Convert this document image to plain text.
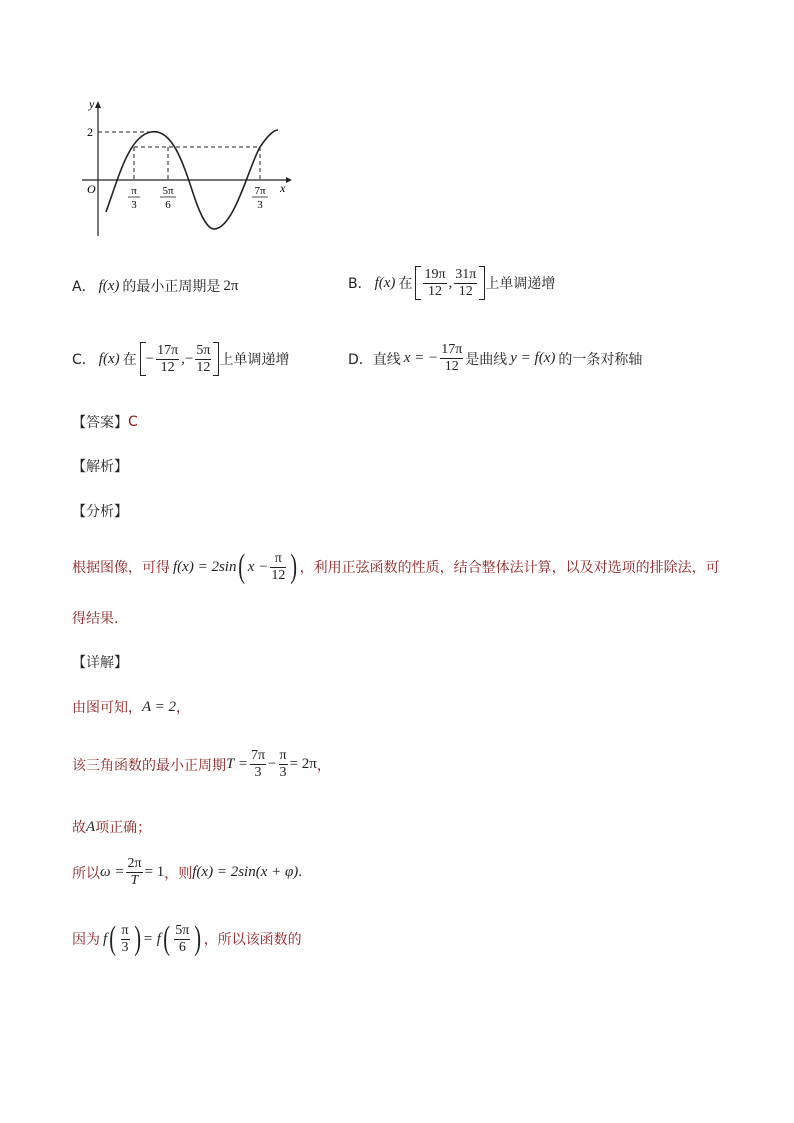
y
2
O	x
π
3
5π
6
7π
3
A． f(x) 的最小正周期是 2π	B． f(x) 在 $\frac{19\pi}{12}$ , $\frac{31\pi}{12}$ 上单调递增
C． f(x) 在 − $\frac{17\pi}{12}$ ,− $\frac{5\pi}{12}$ 上单调递增	D． 直线 x = − $\frac{17\pi}{12}$ 是曲线 y = f(x) 的一条对称轴
【答案】 C
【解析】
【分析】
根据图像，可得 f(x) = 2sin ( $x - \frac{\pi}{12}$ ) ，利用正弦函数的性质，结合整体法计算，以及对选项的排除法，可
得结果.
【详解】
由图可知， A = 2 ，
该三角函数的最小正周期 $T = \frac{7\pi}{3} - \frac{\pi}{3} = 2\pi$ ，
故 A 项正确；
所以 $\omega = \frac{2\pi}{T} = 1$ ，则 f(x) = 2sin(x + φ) .
因为 f ( $\frac{\pi}{3}$ ) = f ( $\frac{5\pi}{6}$ ) ，所以该函数的
